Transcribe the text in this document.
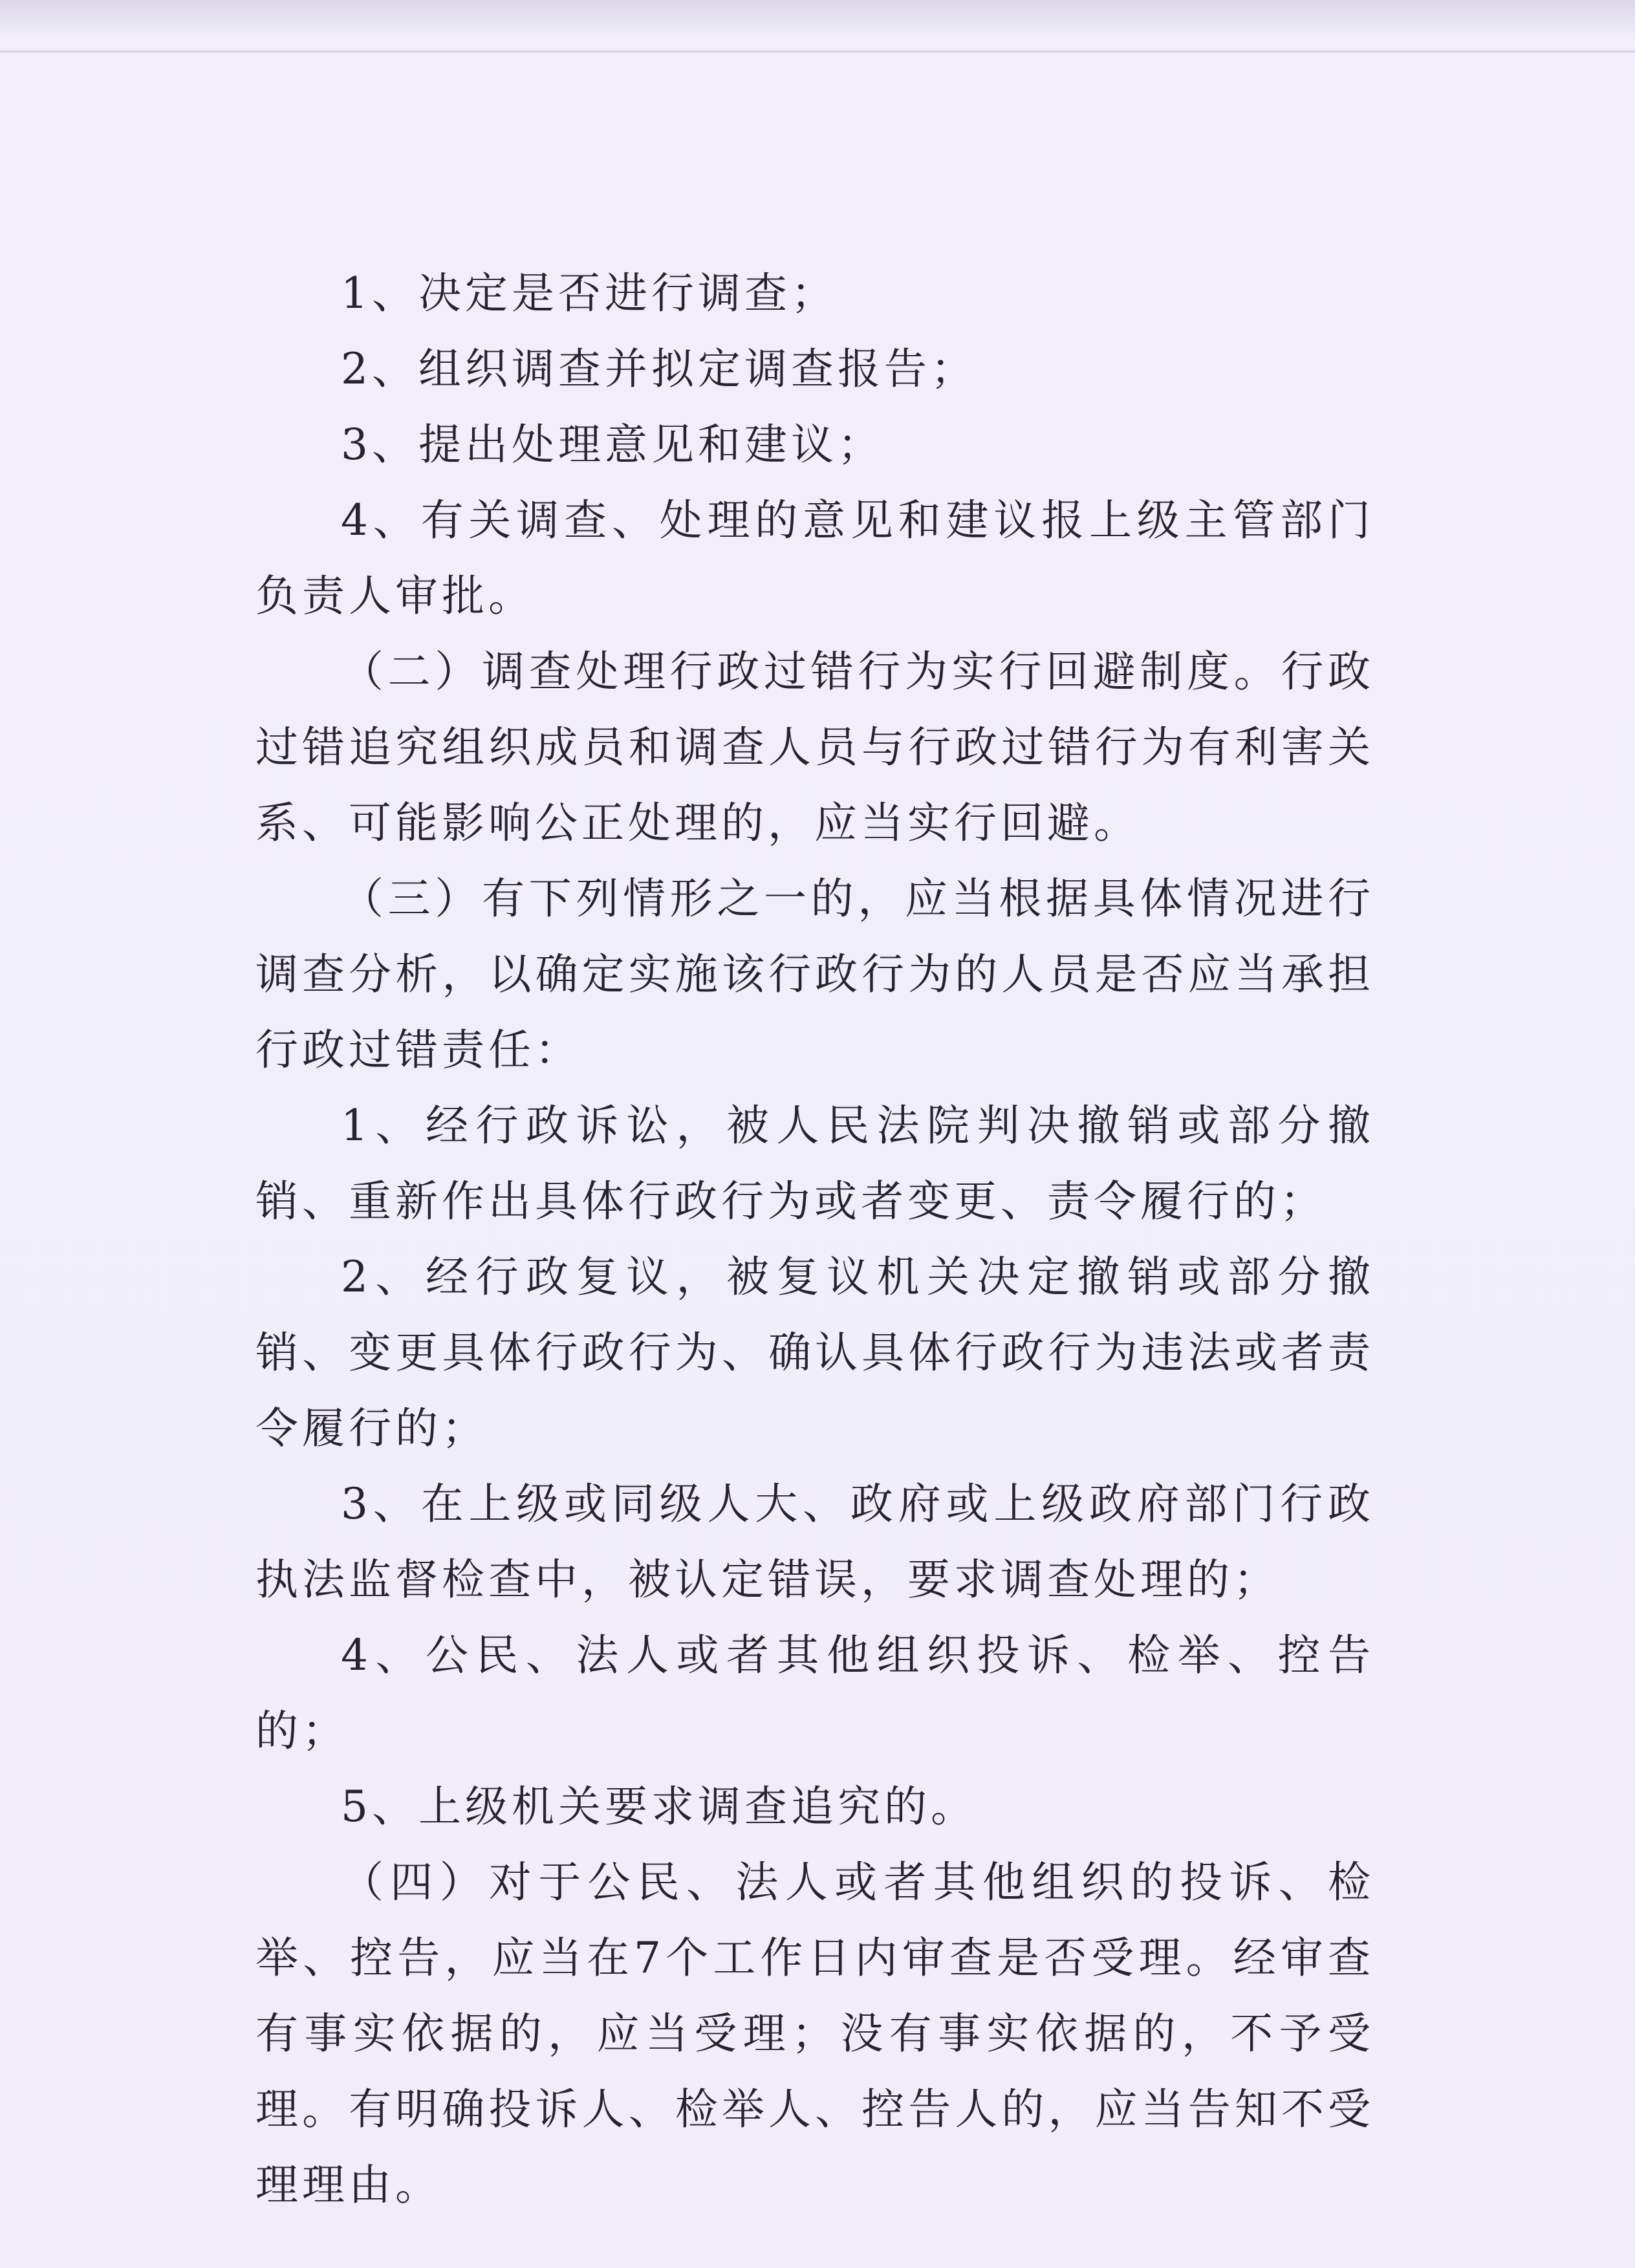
1、决定是否进行调查；

2、组织调查并拟定调查报告；

3、提出处理意见和建议；

4、有关调查、处理的意见和建议报上级主管部门负责人审批。

（二）调查处理行政过错行为实行回避制度。行政过错追究组织成员和调查人员与行政过错行为有利害关系、可能影响公正处理的，应当实行回避。

（三）有下列情形之一的，应当根据具体情况进行调查分析，以确定实施该行政行为的人员是否应当承担行政过错责任：

1、经行政诉讼，被人民法院判决撤销或部分撤销、重新作出具体行政行为或者变更、责令履行的；

2、经行政复议，被复议机关决定撤销或部分撤销、变更具体行政行为、确认具体行政行为违法或者责令履行的；

3、在上级或同级人大、政府或上级政府部门行政执法监督检查中，被认定错误，要求调查处理的；

4、公民、法人或者其他组织投诉、检举、控告的；

5、上级机关要求调查追究的。

（四）对于公民、法人或者其他组织的投诉、检举、控告，应当在7个工作日内审查是否受理。经审查有事实依据的，应当受理；没有事实依据的，不予受理。有明确投诉人、检举人、控告人的，应当告知不受理理由。
